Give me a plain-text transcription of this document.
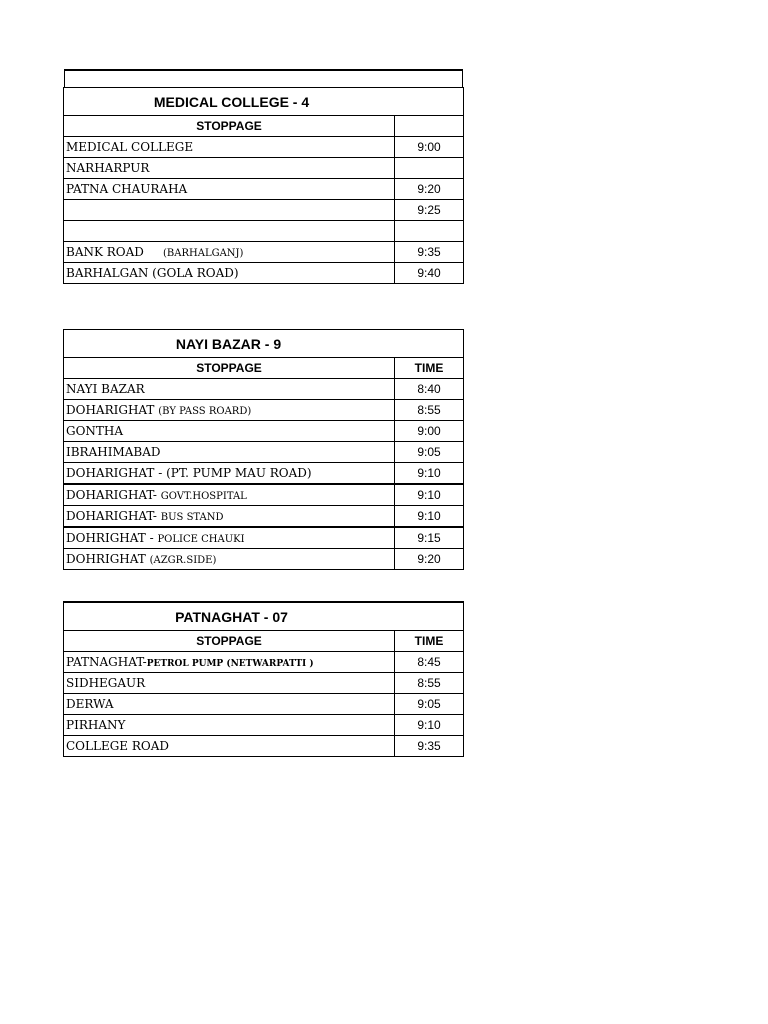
MEDICAL COLLEGE - 4	
STOPPAGE	
MEDICAL COLLEGE	9:00
NARHARPUR	
PATNA CHAURAHA	9:20
	9:25

BANK ROAD     (BARHALGANJ)	9:35
BARHALGAN (GOLA ROAD)	9:40
NAYI BAZAR - 9	
STOPPAGE	TIME
NAYI BAZAR	8:40
DOHARIGHAT (BY PASS ROARD)	8:55
GONTHA	9:00
IBRAHIMABAD	9:05
DOHARIGHAT - (PT. PUMP MAU ROAD)	9:10
DOHARIGHAT- GOVT.HOSPITAL	9:10
DOHARIGHAT- BUS STAND	9:10
DOHRIGHAT - POLICE CHAUKI	9:15
DOHRIGHAT (AZGR.SIDE)	9:20
PATNAGHAT - 07	
STOPPAGE	TIME
PATNAGHAT-PETROL PUMP (NETWARPATTI )	8:45
SIDHEGAUR	8:55
DERWA	9:05
PIRHANY	9:10
COLLEGE ROAD	9:35
